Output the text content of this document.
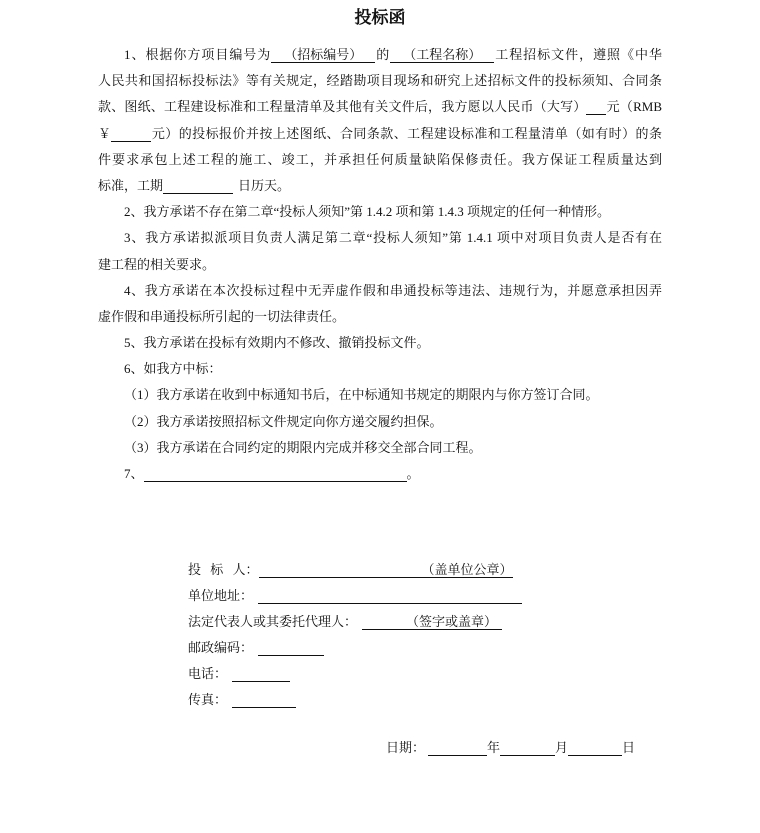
投标函
1、根据你方项目编号为 ​ （招标编号） 的 ​ （工程名称） 工程招标文件，遵照《中华
人民共和国招标投标法》等有关规定，经踏勘项目现场和研究上述招标文件的投标须知、合同条
款、图纸、工程建设标准和工程量清单及其他有关文件后，我方愿以人民币（大写） ​ 元（RMB
￥ ​	元）的投标报价并按上述图纸、合同条款、工程建设标准和工程量清单（如有时）的条
件要求承包上述工程的施工、竣工，并承担任何质量缺陷保修责任。我方保证工程质量达到
标准，工期 ​	日历天。
2、我方承诺不存在第二章“投标人须知”第 1.4.2 项和第 1.4.3 项规定的任何一种情形。
3、我方承诺拟派项目负责人满足第二章“投标人须知”第 1.4.1 项中对项目负责人是否有在
建工程的相关要求。
4、我方承诺在本次投标过程中无弄虚作假和串通投标等违法、违规行为，并愿意承担因弄
虚作假和串通投标所引起的一切法律责任。
5、我方承诺在投标有效期内不修改、撤销投标文件。
6、如我方中标：
（1）我方承诺在收到中标通知书后，在中标通知书规定的期限内与你方签订合同。
（2）我方承诺按照招标文件规定向你方递交履约担保。
（3）我方承诺在合同约定的期限内完成并移交全部合同工程。
7、 ​	。
投 标 人：	​ （盖单位公章）
单位地址：​
法定代表人或其委托代理人：	​ （签字或盖章）
邮政编码：​
电话：​
传真：​
日期： ​	年 ​	月 ​	日
